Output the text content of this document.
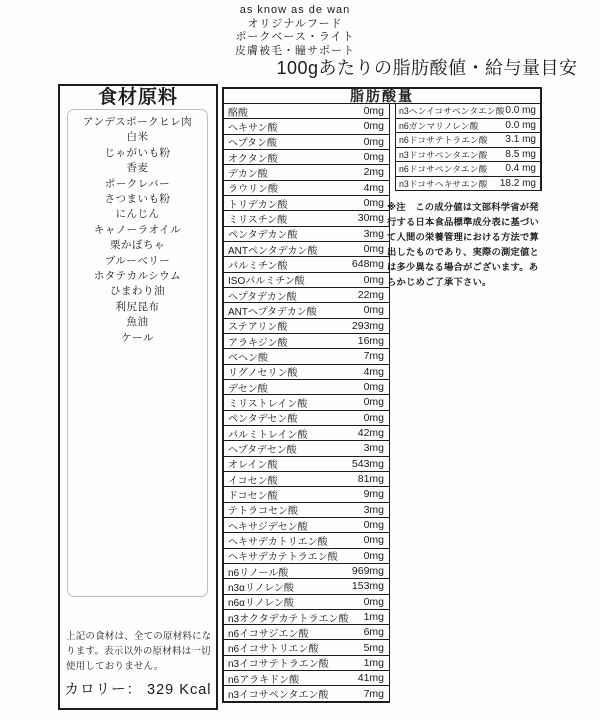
as know as de wan
オリジナルフード
ポークベース・ライト
皮膚被毛・瞳サポート
100gあたりの脂肪酸値・給与量目安
食材原料
アンデスポークヒレ肉
白米
じゃがいも粉
香麦
ポークレバー
さつまいも粉
にんじん
キャノーラオイル
栗かぼちゃ
ブルーベリー
ホタテカルシウム
ひまわり油
利尻昆布
魚油
ケール
上記の食材は、全ての原材料になります。表示以外の原材料は一切使用しておりません。
カロリー： 329 Kcal
脂肪酸量
酪酸	0mg
ヘキサン酸	0mg
ヘプタン酸	0mg
オクタン酸	0mg
デカン酸	2mg
ラウリン酸	4mg
トリデカン酸	0mg
ミリスチン酸	30mg
ペンタデカン酸	3mg
ANTペンタデカン酸	0mg
パルミチン酸	648mg
ISOパルミチン酸	0mg
ヘプタデカン酸	22mg
ANTヘプタデカン酸	0mg
ステアリン酸	293mg
アラキジン酸	16mg
ベヘン酸	7mg
リグノセリン酸	4mg
デセン酸	0mg
ミリストレイン酸	0mg
ペンタデセン酸	0mg
パルミトレイン酸	42mg
ヘプタデセン酸	3mg
オレイン酸	543mg
イコセン酸	81mg
ドコセン酸	9mg
テトラコセン酸	3mg
ヘキサジデセン酸	0mg
ヘキサデカトリエン酸	0mg
ヘキサデカテトラエン酸 0mg
n6リノール酸	969mg
n3αリノレン酸	153mg
n6αリノレン酸	0mg
n3オクタデカテトラエン酸 1mg
n6イコサジエン酸	6mg
n6イコサトリエン酸	5mg
n3イコサテトラエン酸	1mg
n6アラキドン酸	41mg
n3イコサペンタエン酸	7mg
n3ヘンイコサペンタエン酸 0.0 mg
n6ガンマリノレン酸	0.0 mg
n6ドコサテトラエン酸 3.1 mg
n3ドコサペンタエン酸 8.5 mg
n6ドコサペンタエン酸 0.4 mg
n3ドコサヘキサエン酸 18.2 mg
※注　この成分値は文部科学省が発行する日本食品標準成分表に基づいて人間の栄養管理における方法で算出したものであり、実際の測定値とは多少異なる場合がございます。あらかじめご了承下さい。
